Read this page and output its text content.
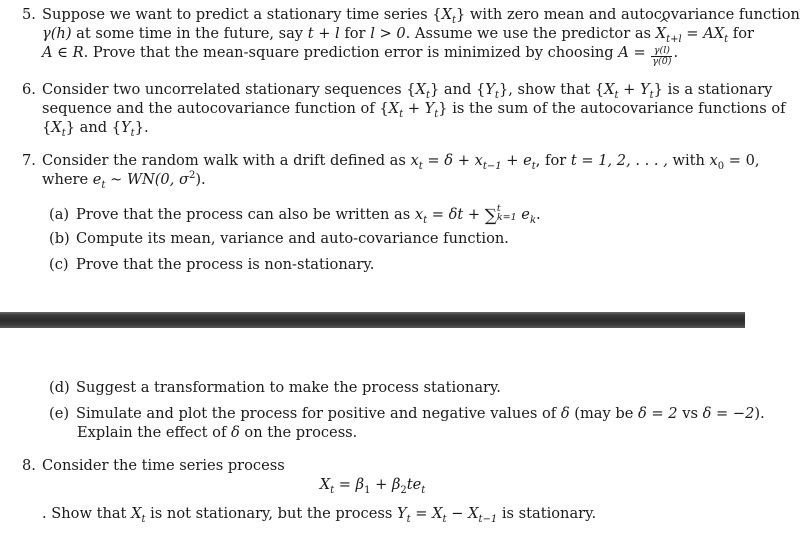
5. Suppose we want to predict a stationary time series $\{X_t\}$ with zero mean and autocovariance function
γ(h) at some time in the future, say t + l for l > 0. Assume we use the predictor as ^ $X_{t+l} = AX_t$ for
A ∈ R. Prove that the mean-square prediction error is minimized by choosing $A = \frac{\gamma(l)}{\gamma(0)}$ .
6. Consider two uncorrelated stationary sequences $\{X_t\}$ and $\{Y_t\}$, show that $\{X_t + Y_t\}$ is a stationary
sequence and the autocovariance function of $\{X_t + Y_t\}$ is the sum of the autocovariance functions of
$\{X_t\}$ and $\{Y_t\}$.
7. Consider the random walk with a drift defined as $x_t = \delta + x_{t-1} + e_t$, for t = 1, 2, . . . , with $x_0 = 0$,
where $e_t$ ∼ WN(0, $\sigma^2$).
(a) Prove that the process can also be written as $x_t = \delta t$ + ∑ t
k=1 $e_k$.
(b) Compute its mean, variance and auto-covariance function.
(c) Prove that the process is non-stationary.
(d) Suggest a transformation to make the process stationary.
(e) Simulate and plot the process for positive and negative values of δ (may be δ = 2 vs δ = −2).
Explain the effect of δ on the process.
8. Consider the time series process
$X_t = \beta_1 + \beta_2te_t$
. Show that $X_t$ is not stationary, but the process $Y_t = X_t - X_{t-1}$ is stationary.
